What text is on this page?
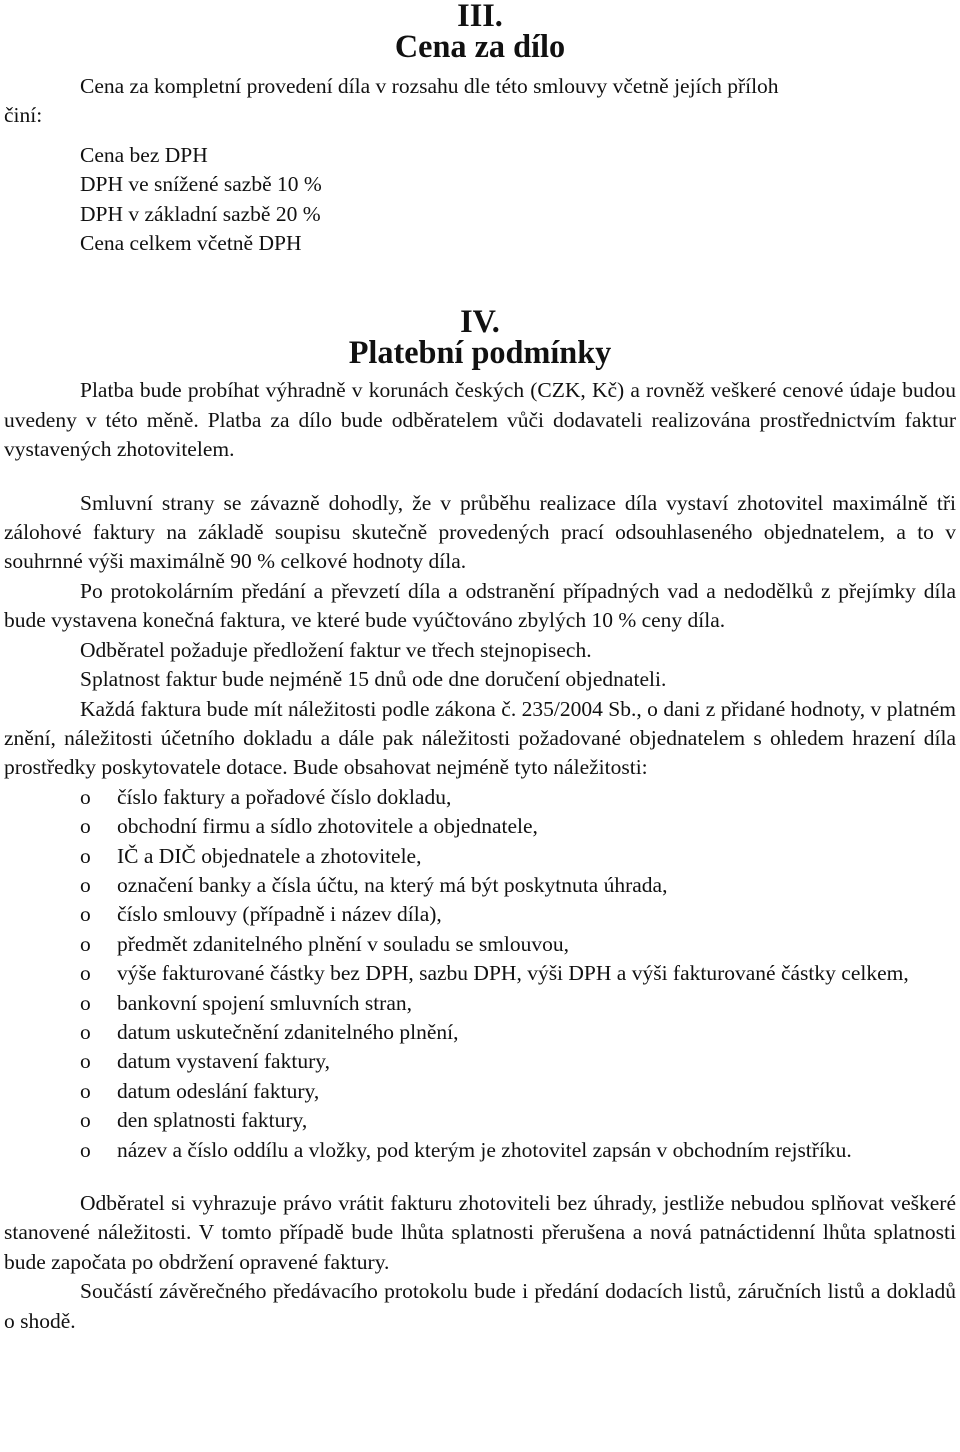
III.
Cena za dílo
Cena za kompletní provedení díla v rozsahu dle této smlouvy včetně jejích příloh
činí:
Cena bez DPH
DPH ve snížené sazbě 10 %
DPH v základní sazbě 20 %
Cena celkem včetně DPH
IV.
Platební podmínky

Platba bude probíhat výhradně v korunách českých (CZK, Kč) a rovněž veškeré cenové údaje budou uvedeny v této měně. Platba za dílo bude odběratelem vůči dodavateli realizována prostřednictvím faktur vystavených zhotovitelem.

Smluvní strany se závazně dohodly, že v průběhu realizace díla vystaví zhotovitel maximálně tři zálohové faktury na základě soupisu skutečně provedených prací odsouhlaseného objednatelem, a to v souhrnné výši maximálně 90 % celkové hodnoty díla.

Po protokolárním předání a převzetí díla a odstranění případných vad a nedodělků z přejímky díla bude vystavena konečná faktura, ve které bude vyúčtováno zbylých 10 % ceny díla.

Odběratel požaduje předložení faktur ve třech stejnopisech.

Splatnost faktur bude nejméně 15 dnů ode dne doručení objednateli.

Každá faktura bude mít náležitosti podle zákona č. 235/2004 Sb., o dani z přidané hodnoty, v platném znění, náležitosti účetního dokladu a dále pak náležitosti požadované objednatelem s ohledem hrazení díla prostředky poskytovatele dotace. Bude obsahovat nejméně tyto náležitosti:

o číslo faktury a pořadové číslo dokladu,
o obchodní firmu a sídlo zhotovitele a objednatele,
o IČ a DIČ objednatele a zhotovitele,
o označení banky a čísla účtu, na který má být poskytnuta úhrada,
o číslo smlouvy (případně i název díla),
o předmět zdanitelného plnění v souladu se smlouvou,
o výše fakturované částky bez DPH, sazbu DPH, výši DPH a výši fakturované částky celkem,
o bankovní spojení smluvních stran,
o datum uskutečnění zdanitelného plnění,
o datum vystavení faktury,
o datum odeslání faktury,
o den splatnosti faktury,
o název a číslo oddílu a vložky, pod kterým je zhotovitel zapsán v obchodním rejstříku.

Odběratel si vyhrazuje právo vrátit fakturu zhotoviteli bez úhrady, jestliže nebudou splňovat veškeré stanovené náležitosti. V tomto případě bude lhůta splatnosti přerušena a nová patnáctidenní lhůta splatnosti bude započata po obdržení opravené faktury.

Součástí závěrečného předávacího protokolu bude i předání dodacích listů, záručních listů a dokladů o shodě.
